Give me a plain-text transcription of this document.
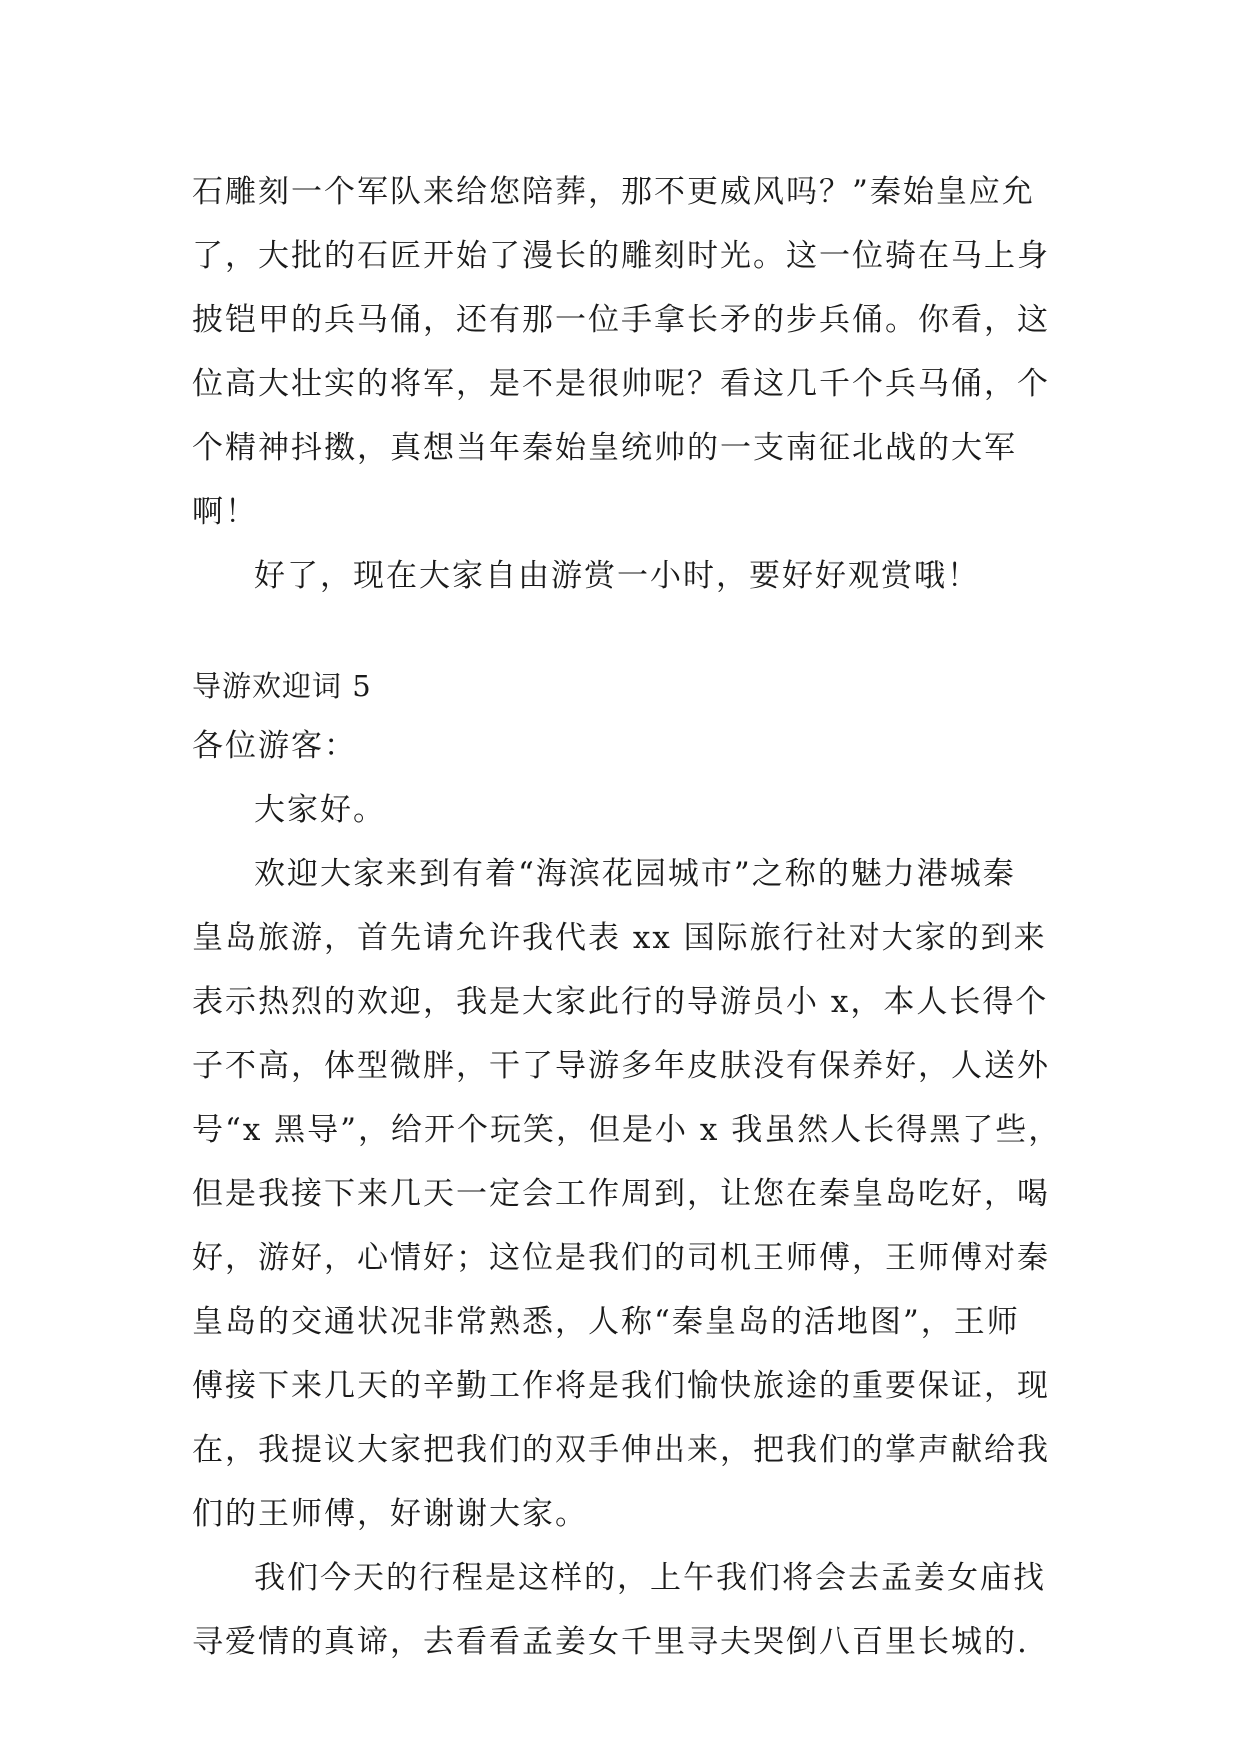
石雕刻一个军队来给您陪葬，那不更威风吗？”秦始皇应允
了，大批的石匠开始了漫长的雕刻时光。这一位骑在马上身
披铠甲的兵马俑，还有那一位手拿长矛的步兵俑。你看，这
位高大壮实的将军，是不是很帅呢？看这几千个兵马俑，个
个精神抖擞，真想当年秦始皇统帅的一支南征北战的大军
啊！
好了，现在大家自由游赏一小时，要好好观赏哦！
导游欢迎词 5
各位游客：
大家好。
欢迎大家来到有着“海滨花园城市”之称的魅力港城秦
皇岛旅游，首先请允许我代表 xx 国际旅行社对大家的到来
表示热烈的欢迎，我是大家此行的导游员小 x，本人长得个
子不高，体型微胖，干了导游多年皮肤没有保养好，人送外
号“x 黑导”，给开个玩笑，但是小 x 我虽然人长得黑了些，
但是我接下来几天一定会工作周到，让您在秦皇岛吃好，喝
好，游好，心情好；这位是我们的司机王师傅，王师傅对秦
皇岛的交通状况非常熟悉，人称“秦皇岛的活地图”，王师
傅接下来几天的辛勤工作将是我们愉快旅途的重要保证，现
在，我提议大家把我们的双手伸出来，把我们的掌声献给我
们的王师傅，好谢谢大家。
我们今天的行程是这样的，上午我们将会去孟姜女庙找
寻爱情的真谛，去看看孟姜女千里寻夫哭倒八百里长城的.
